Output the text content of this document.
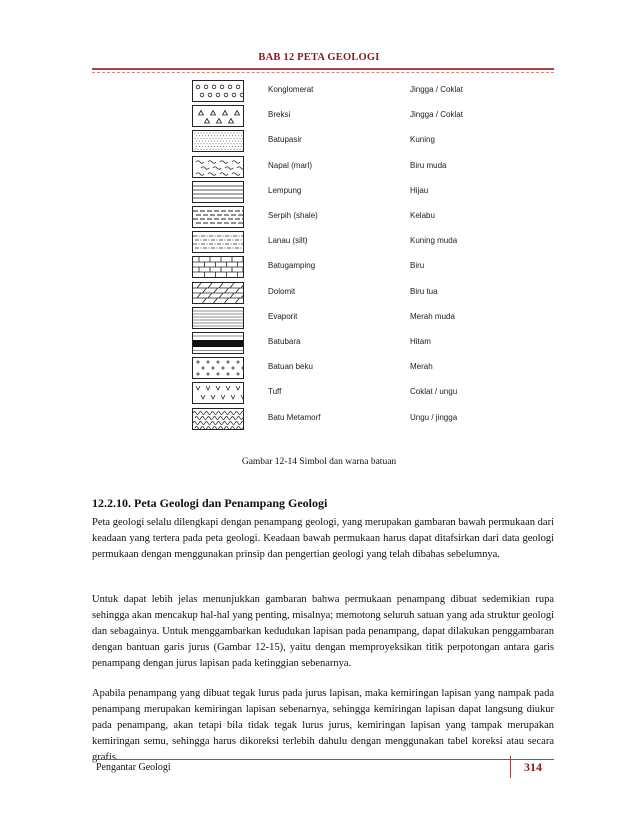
BAB 12 PETA GEOLOGI
Konglomerat	Jingga / Coklat
Breksi	Jingga / Coklat
Batupasir	Kuning
Napal (marl)	Biru muda
Lempung	Hijau
Serpih (shale)	Kelabu
Lanau (silt)	Kuning muda
Batugamping	Biru
Dolomit	Biru tua
Evaporit	Merah muda
Batubara	Hitam
Batuan beku	Merah
Tuff	Coklat / ungu
Batu Metamorf	Ungu / jingga
Gambar 12-14 Simbol dan warna batuan
12.2.10. Peta Geologi dan Penampang Geologi

Peta geologi selalu dilengkapi dengan penampang geologi, yang merupakan gambaran bawah permukaan dari keadaan yang tertera pada peta geologi. Keadaan bawah permukaan harus dapat ditafsirkan dari data geologi permukaan dengan menggunakan prinsip dan pengertian geologi yang telah dibahas sebelumnya.

Untuk dapat lebih jelas menunjukkan gambaran bahwa permukaan penampang dibuat sedemikian rupa sehingga akan mencakup hal-hal yang penting, misalnya; memotong seluruh satuan yang ada struktur geologi dan sebagainya. Untuk menggambarkan kedudukan lapisan pada penampang, dapat dilakukan penggambaran dengan bantuan garis jurus (Gambar 12-15), yaitu dengan memproyeksikan titik perpotongan antara garis penampang dengan jurus lapisan pada ketinggian sebenarnya.

Apabila penampang yang dibuat tegak lurus pada jurus lapisan, maka kemiringan lapisan yang nampak pada penampang merupakan kemiringan lapisan sebenarnya, sehingga kemiringan lapisan dapat langsung diukur pada penampang, akan tetapi bila tidak tegak lurus jurus, kemiringan lapisan yang tampak merupakan kemiringan semu, sehingga harus dikoreksi terlebih dahulu dengan menggunakan tabel koreksi atau secara grafis.

Pengantar Geologi	314
